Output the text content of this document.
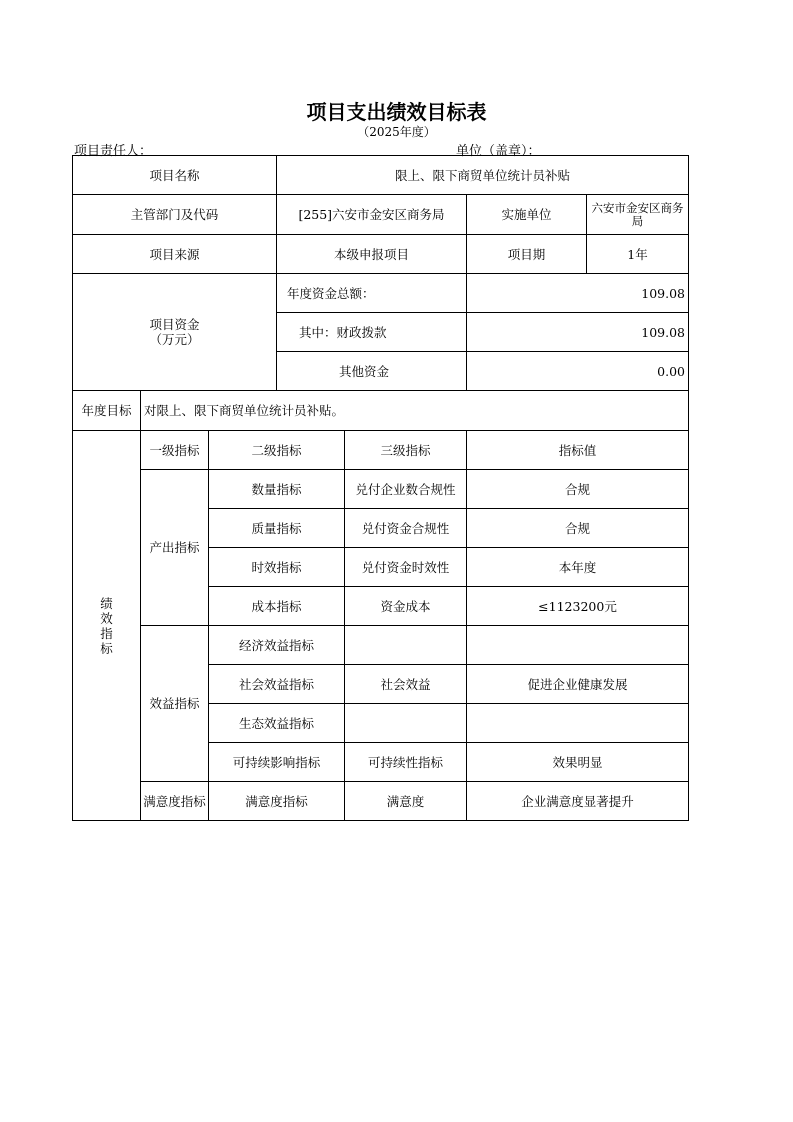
项目支出绩效目标表
（2025年度）
项目责任人：	单位（盖章）：
项目名称			限上、限下商贸单位统计员补贴			
主管部门及代码			[255]六安市金安区商务局		实施单位	六安市金安区商务局
项目来源			本级申报项目		项目期	1年

项目资金
（万元）			年度资金总额：		109.08	
			其中：财政拨款		109.08	
			其他资金		0.00	
年度目标	对限上、限下商贸单位统计员补贴。					

绩
效
指
标	一级指标	二级指标		三级指标	指标值	
	产出指标	数量指标		兑付企业数合规性	合规	
		质量指标		兑付资金合规性	合规	
		时效指标		兑付资金时效性	本年度	
		成本指标		资金成本	≤1123200元	
	效益指标	经济效益指标				
		社会效益指标		社会效益	促进企业健康发展	
		生态效益指标				
		可持续影响指标		可持续性指标	效果明显	
	满意度指标	满意度指标		满意度	企业满意度显著提升	
